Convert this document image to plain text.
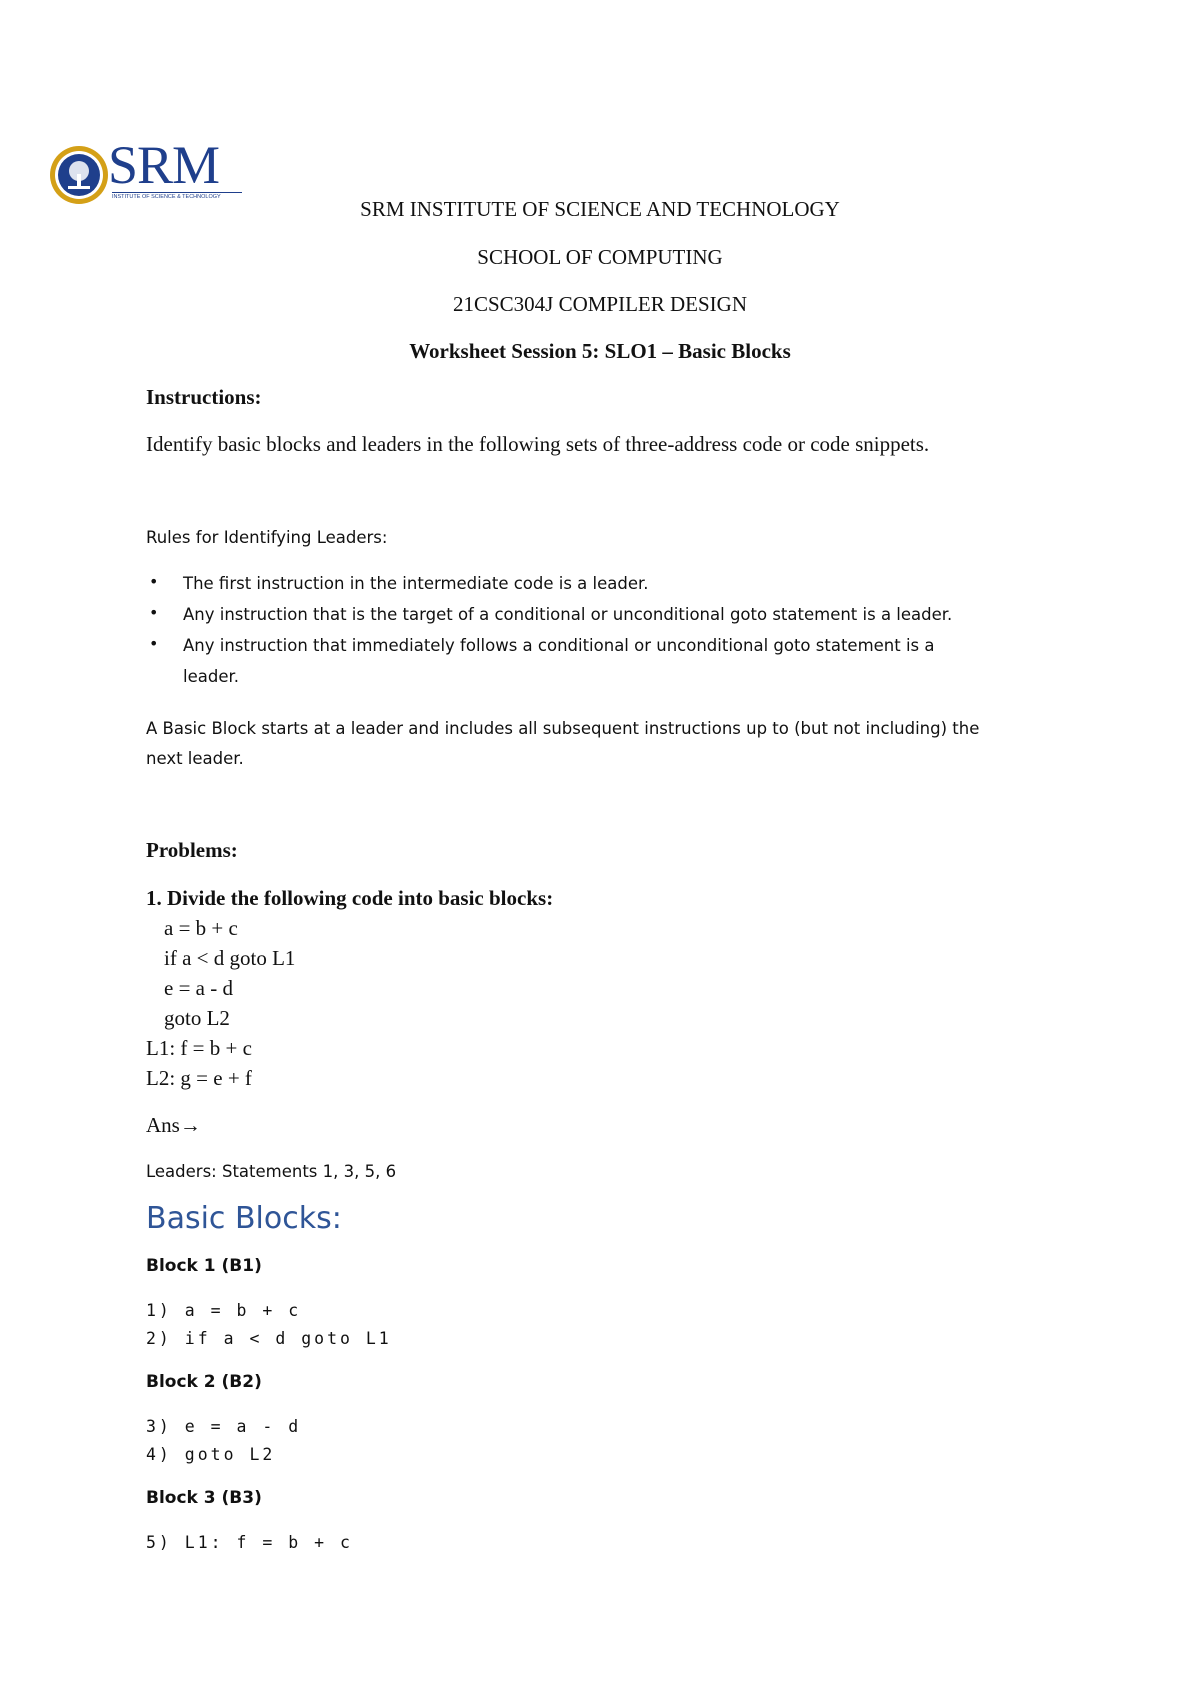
SRM
INSTITUTE OF SCIENCE & TECHNOLOGY	SRM INSTITUTE OF SCIENCE AND TECHNOLOGY
SCHOOL OF COMPUTING
21CSC304J COMPILER DESIGN
Worksheet Session 5: SLO1 – Basic Blocks
Instructions:
Identify basic blocks and leaders in the following sets of three-address code or code snippets.
Rules for Identifying Leaders:
• The first instruction in the intermediate code is a leader.
• Any instruction that is the target of a conditional or unconditional goto statement is a leader.
• Any instruction that immediately follows a conditional or unconditional goto statement is a
leader.
A Basic Block starts at a leader and includes all subsequent instructions up to (but not including) the
next leader.
Problems:
1. Divide the following code into basic blocks:
a = b + c
if a < d goto L1
e = a - d
goto L2
L1: f = b + c
L2: g = e + f
Ans→
Leaders: Statements 1, 3, 5, 6
Basic Blocks:
Block 1 (B1)
1) a = b + c
2) if a < d goto L1
Block 2 (B2)
3) e = a - d
4) goto L2
Block 3 (B3)
5) L1: f = b + c
